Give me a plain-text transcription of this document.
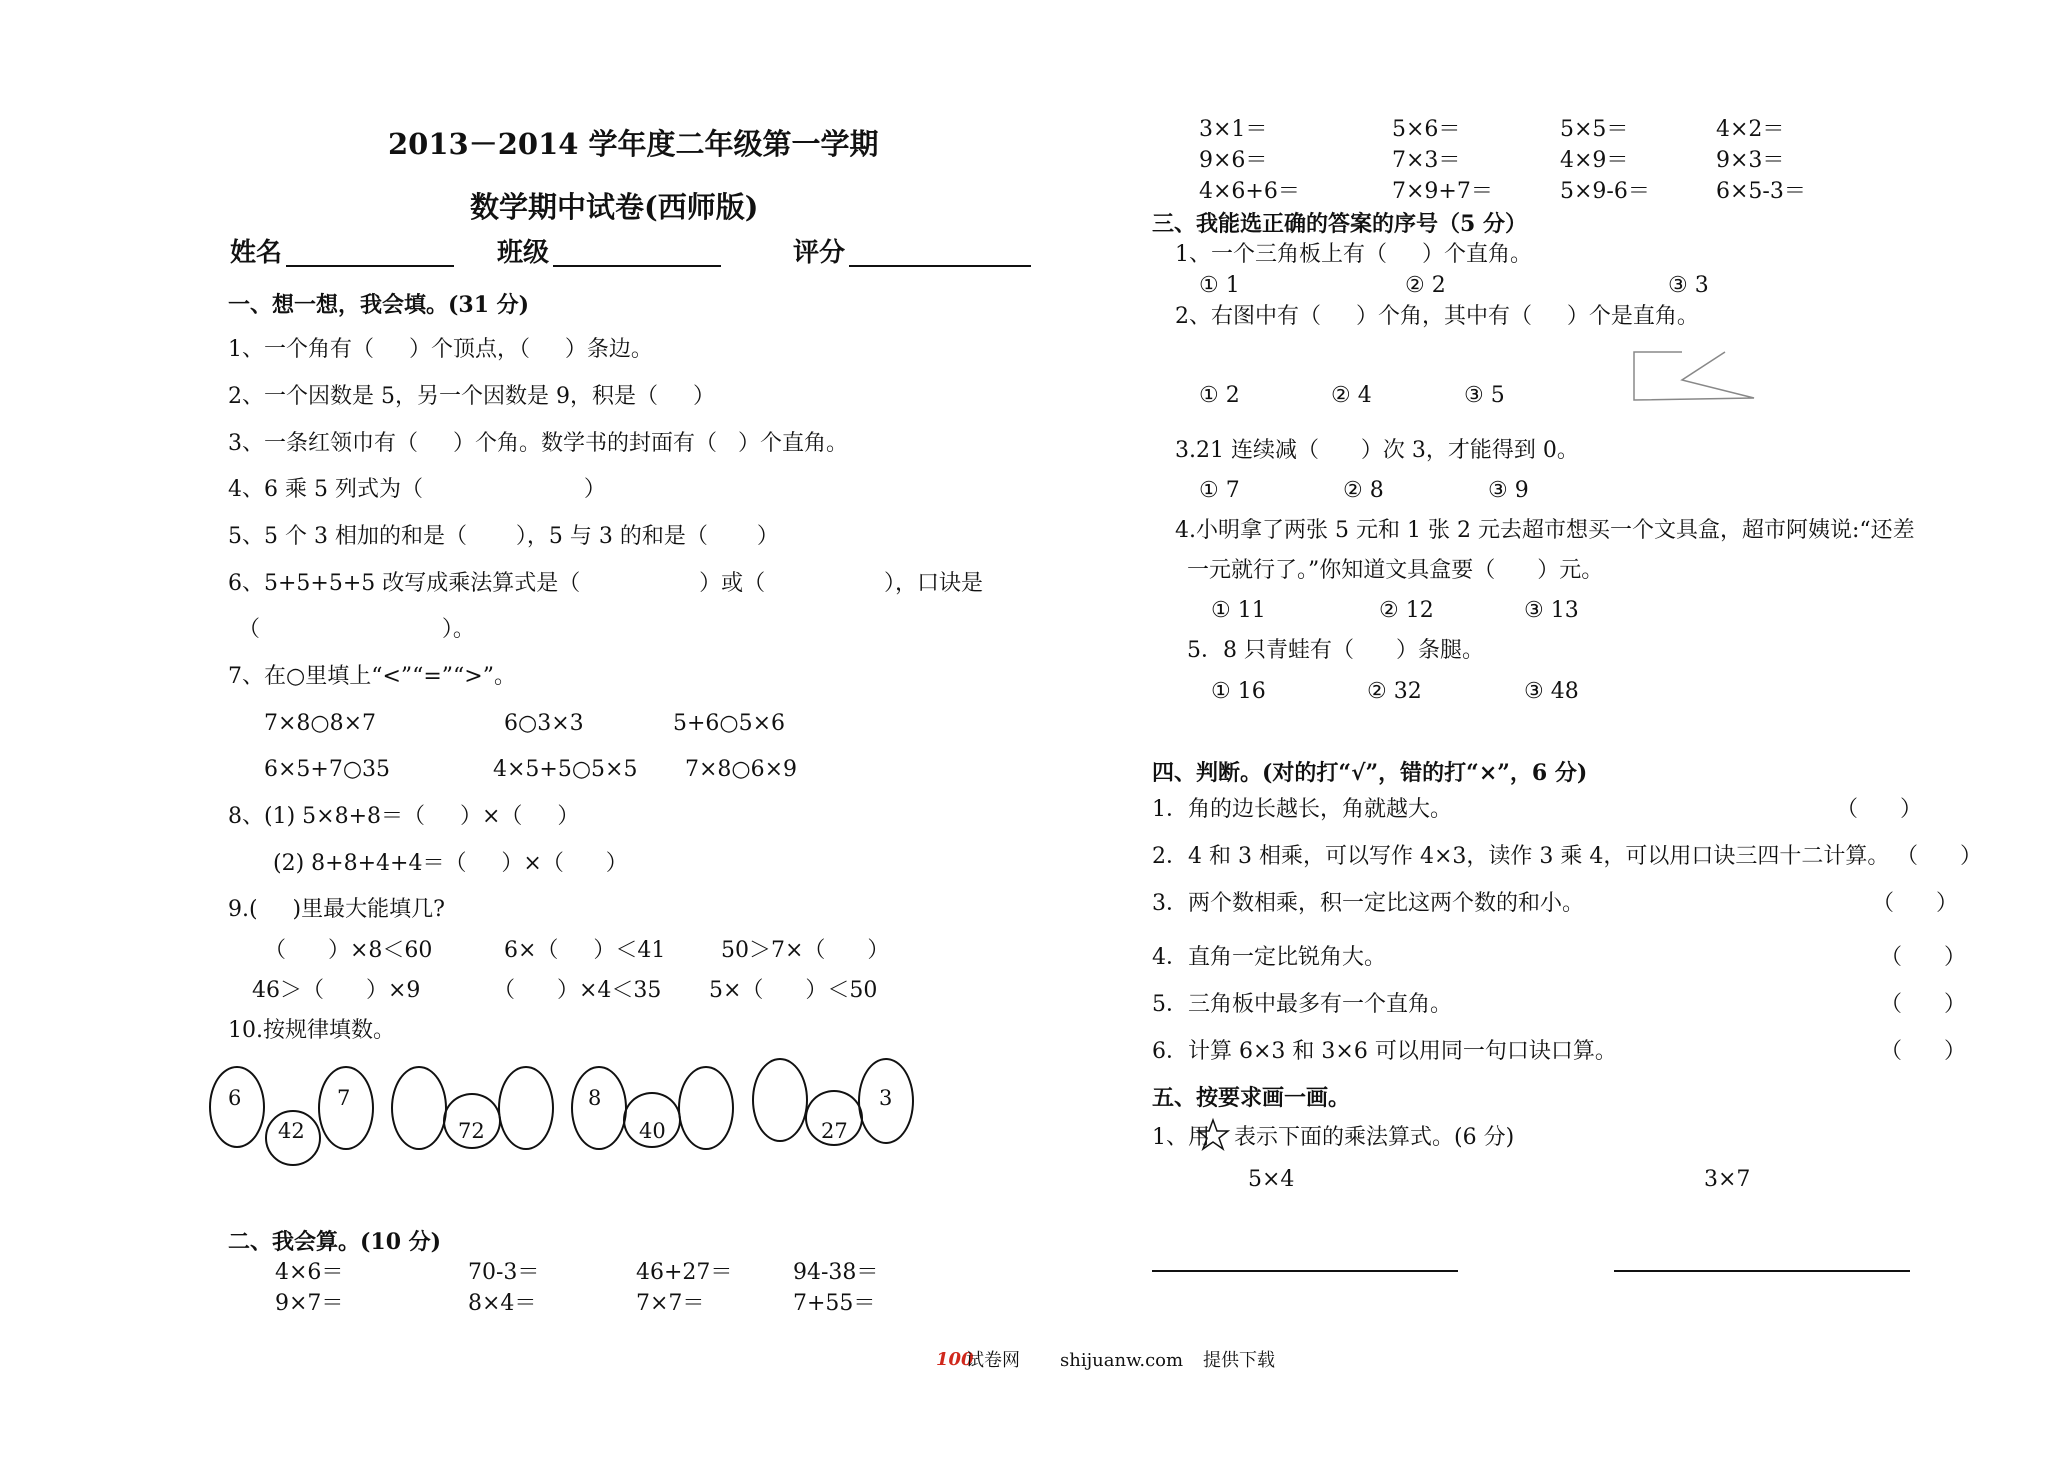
2013－2014 学年度二年级第一学期
数学期中试卷(西师版)
姓名	班级	评分
一、想一想，我会填。(31 分)
1、一个角有（     ）个顶点，（     ）条边。
2、一个因数是 5，另一个因数是 9，积是（     ）
3、一条红领巾有（     ）个角。数学书的封面有（   ）个直角。
4、6 乘 5 列式为（                       ）
5、5 个 3 相加的和是（       ），5 与 3 的和是（       ）
6、5+5+5+5 改写成乘法算式是（                 ）或（                 ），口诀是
（                          ）。
7、在○里填上“<”“=”“>”。
7×8○8×7	6○3×3	5+6○5×6
6×5+7○35	4×5+5○5×5 7×8○6×9
8、(1) 5×8+8＝（     ）×（     ）
(2) 8+8+4+4＝（     ）×（      ）
9.(     )里最大能填几?
（      ）×8＜60	6×（     ）＜41	50＞7×（      ）
46＞（      ）×9	（      ）×4＜35 5×（      ）＜50
10.按规律填数。
6
42
7
72
8
40	27
3
二、我会算。(10 分)
4×6＝	70-3＝	46+27＝	94-38＝
9×7＝	8×4＝	7×7＝	7+55＝
3×1＝	5×6＝	5×5＝	4×2＝
9×6＝	7×3＝	4×9＝	9×3＝
4×6+6＝	7×9+7＝	5×9-6＝	6×5-3＝
三、我能选正确的答案的序号（5 分）
1、一个三角板上有（     ）个直角。
① 1	② 2	③ 3
2、右图中有（     ）个角，其中有（     ）个是直角。
① 2	② 4	③ 5
3.21 连续减（      ）次 3，才能得到 0。
① 7	② 8	③ 9
4.小明拿了两张 5 元和 1 张 2 元去超市想买一个文具盒，超市阿姨说:“还差
一元就行了。”你知道文具盒要（      ）元。
① 11	② 12	③ 13
5．8 只青蛙有（      ）条腿。
① 16	② 32	③ 48
四、判断。(对的打“√”，错的打“×”，6 分)
1．角的边长越长，角就越大。	（      ）
2．4 和 3 相乘，可以写作 4×3，读作 3 乘 4，可以用口诀三四十二计算。 （      ）
3．两个数相乘，积一定比这两个数的和小。	（      ）
4．直角一定比锐角大。	（      ）
5．三角板中最多有一个直角。	（      ）
6．计算 6×3 和 3×6 可以用同一句口诀口算。	（      ）
五、按要求画一画。
1、用 表示下面的乘法算式。(6 分)
5×4	3×7
100
试卷网 shijuanw.com 提供下载
